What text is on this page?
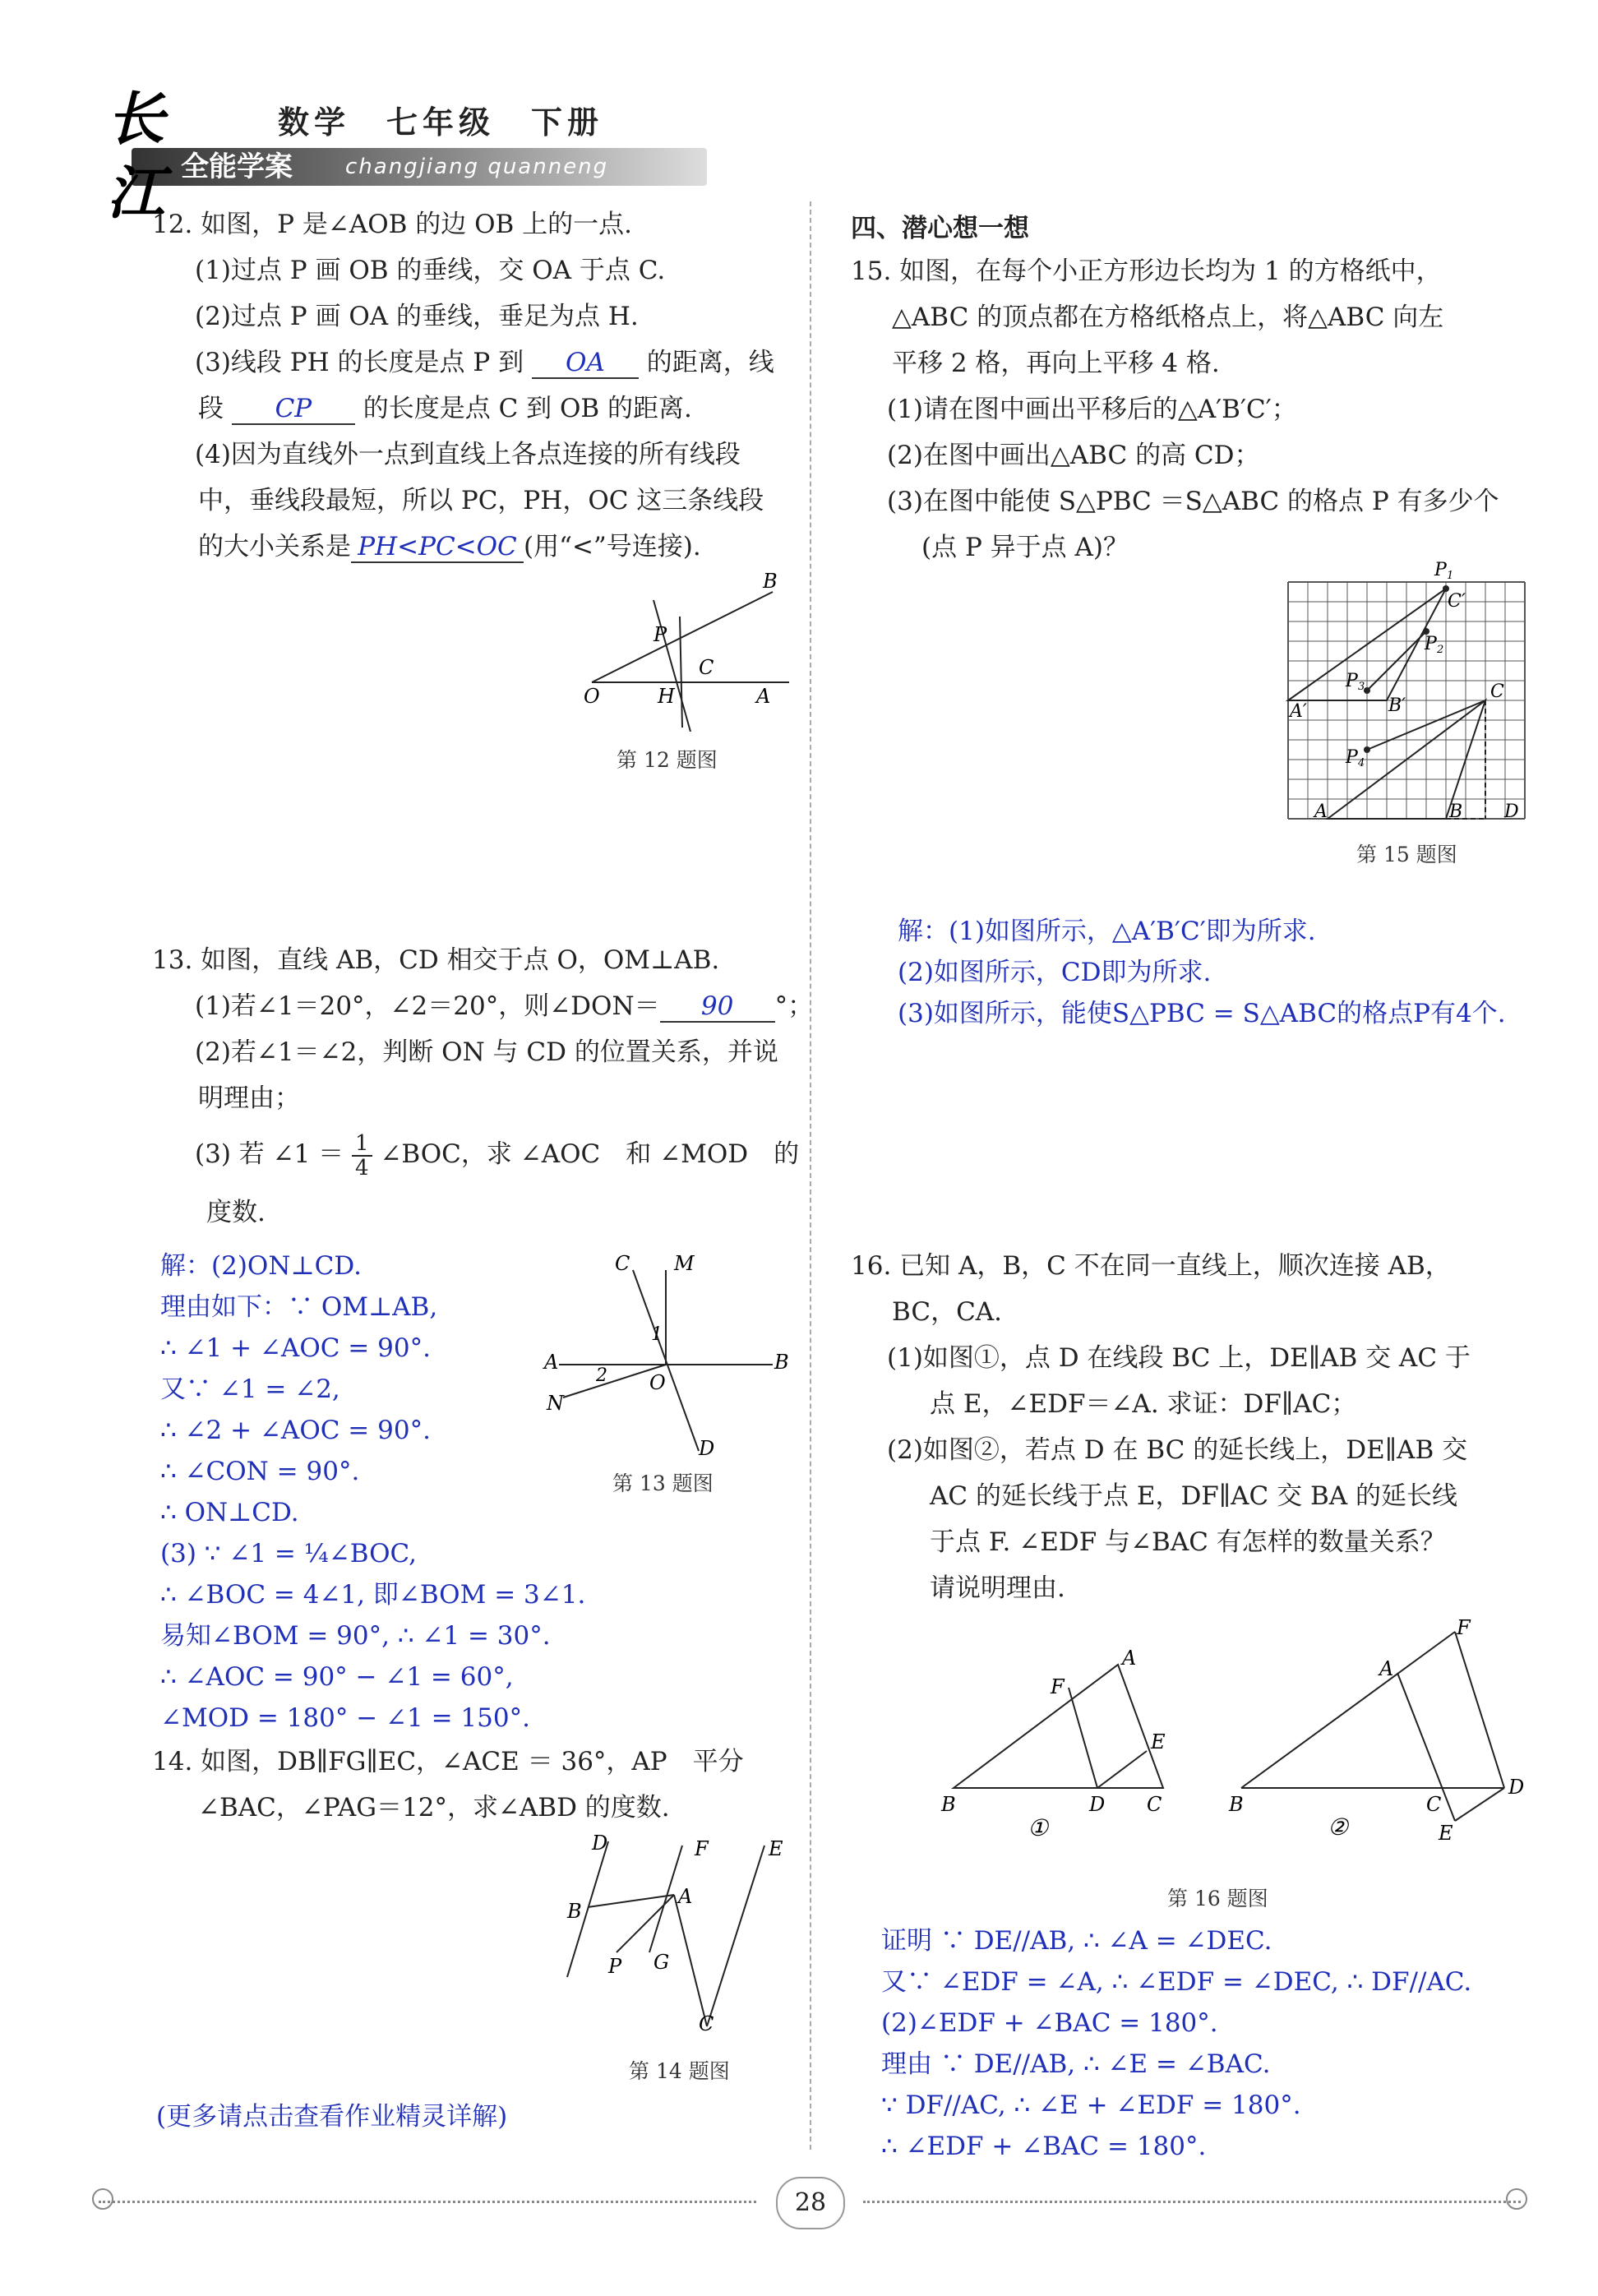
长江 全能学案
数学　七年级　下册
changjiang quanneng xuean
12. 如图，P 是∠AOB 的边 OB 上的一点.
(1)过点 P 画 OB 的垂线，交 OA 于点 C.
(2)过点 P 画 OA 的垂线，垂足为点 H.
(3)线段 PH 的长度是点 P 到 OA 的距离，线
段 CP 的长度是点 C 到 OB 的距离.
(4)因为直线外一点到直线上各点连接的所有线段
中，垂线段最短，所以 PC，PH，OC 这三条线段
的大小关系是 PH<PC<OC (用“<”号连接).
B
P
C
O	H	A
第 12 题图
13. 如图，直线 AB，CD 相交于点 O，OM⊥AB.
(1)若∠1＝20°，∠2＝20°，则∠DON＝ 90 °；
(2)若∠1＝∠2，判断 ON 与 CD 的位置关系，并说
明理由；
(3) 若 ∠1 ＝ $\frac{1}{4}$ ∠BOC，求 ∠AOC　和 ∠MOD　的
度数.
解：(2)ON⊥CD.
理由如下：∵ OM⊥AB,
∴ ∠1 + ∠AOC = 90°.
又∵ ∠1 = ∠2,
∴ ∠2 + ∠AOC = 90°.
∴ ∠CON = 90°.
∴ ON⊥CD.
(3) ∵ ∠1 = ¼∠BOC,
∴ ∠BOC = 4∠1, 即∠BOM = 3∠1.
易知∠BOM = 90°, ∴ ∠1 = 30°.
∴ ∠AOC = 90° − ∠1 = 60°,
∠MOD = 180° − ∠1 = 150°.
C M
1
A	B
2 O
N
D
第 13 题图
14. 如图，DB∥FG∥EC，∠ACE ＝ 36°，AP　平分
∠BAC，∠PAG＝12°，求∠ABD 的度数.
D	F	E
B
A
P G
C
第 14 题图
(更多请点击查看作业精灵详解)
四、潜心想一想
15. 如图，在每个小正方形边长均为 1 的方格纸中，
△ABC 的顶点都在方格纸格点上，将△ABC 向左
平移 2 格，再向上平移 4 格.
(1)请在图中画出平移后的△A′B′C′；
(2)在图中画出△ABC 的高 CD；
(3)在图中能使 S△PBC ＝S△ABC 的格点 P 有多少个
(点 P 异于点 A)？
P 1
C′
P 2
P 3
B′
C
A′
P 4
A	B D
第 15 题图
解：(1)如图所示，△A′B′C′即为所求.
(2)如图所示，CD即为所求.
(3)如图所示，能使S△PBC = S△ABC的格点P有4个.
16. 已知 A，B，C 不在同一直线上，顺次连接 AB，
BC，CA.
(1)如图①，点 D 在线段 BC 上，DE∥AB 交 AC 于
点 E，∠EDF＝∠A. 求证：DF∥AC；
(2)如图②，若点 D 在 BC 的延长线上，DE∥AB 交
AC 的延长线于点 E，DF∥AC 交 BA 的延长线
于点 F. ∠EDF 与∠BAC 有怎样的数量关系？
请说明理由.
A
F
E
B	D C
①
F
A
B	C
D
E
②
第 16 题图
证明 ∵ DE//AB, ∴ ∠A = ∠DEC.
又∵ ∠EDF = ∠A, ∴ ∠EDF = ∠DEC, ∴ DF//AC.
(2)∠EDF + ∠BAC = 180°.
理由 ∵ DE//AB, ∴ ∠E = ∠BAC.
∵ DF//AC, ∴ ∠E + ∠EDF = 180°.
∴ ∠EDF + ∠BAC = 180°.
28
